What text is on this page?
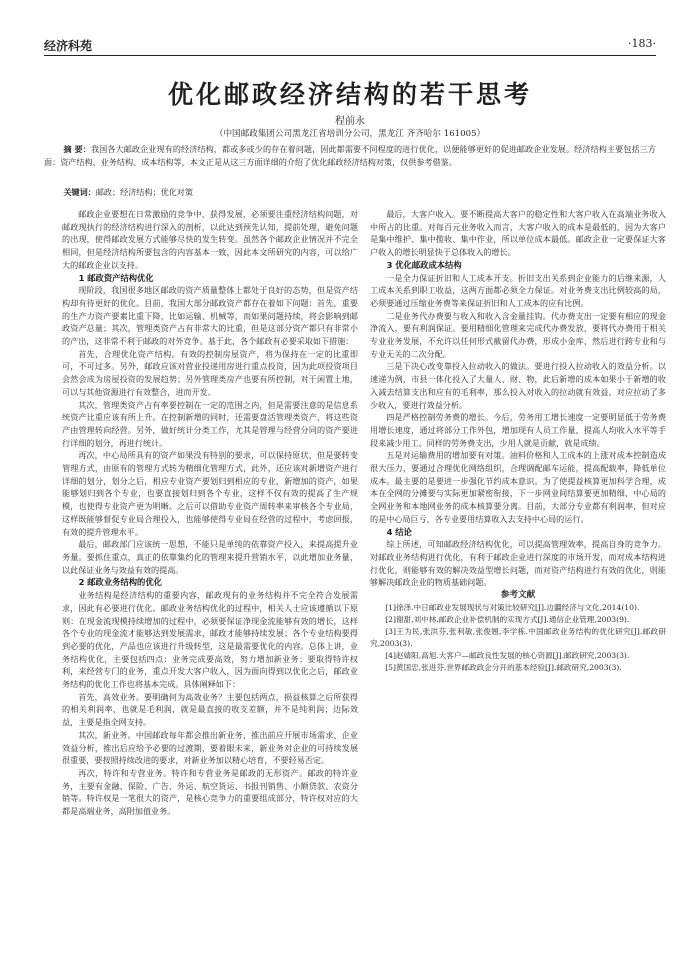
经济科苑	·183·
优化邮政经济结构的若干思考
程前永
（中国邮政集团公司黑龙江省培训分公司，黑龙江 齐齐哈尔 161005）
摘 要：我国各大邮政企业现有的经济结构，都或多或少的存在着问题，因此都需要不同程度的进行优化，以便能够更好的促进邮政企业发展。经济结构主要包括三方面：资产结构、业务结构、成本结构等，本文正是从这三方面详细的介绍了优化邮政经济结构对策，仅供参考借鉴。
关键词：邮政；经济结构；优化对策

邮政企业要想在日常激励的竞争中，获得发展，必须要注重经济结构问题，对邮政现执行的经济结构进行深入的剖析，以此达到预先认知，提前处理，避免问题的出现，使得邮政发展方式能够尽快的发生转变。虽然各个邮政企业情况并不完全相同，但是经济结构所要包含的内容基本一致，因此本文所研究的内容，可以给广大的邮政企业以支持。

1 邮政资产结构优化

现阶段，我国很多地区邮政的资产质量整体上都处于良好的态势，但是资产结构却有待更好的优化。目前，我国大部分邮政资产都存在着如下问题：首先，重要的生产力资产要素比重下降，比如运输、机械等，而如果问题持续，将会影响到邮政资产总量；其次，管理类资产占有非常大的比重，但是这部分资产都只有非常小的产出，这非常不利于邮政的对外竞争。基于此，各个邮政有必要采取如下措施：

首先，合理优化资产结构。有效的控制房屋资产，将为保持在一定的比重即可，不可过多。另外，邮政应该对营业投递用房进行重点投资，因为此项投资项目会然会成为房屋投资的发展趋势；另外管理类房产也要有所控制，对于闲置土地，可以与其他资源进行有效整合，进而开发。

其次，管理类资产占有率要控制在一定的范围之内，但是需要注意的是信息系统资产比重应该有所上升。在控制新增的同时，还需要盘活管理类资产，将这些资产由管理转向经营。另外，做好统计分类工作，尤其是管理与经营分同的资产要进行详细的划分，再进行统计。

再次，中心局所具有的资产如果没有特别的要求，可以保持原状，但是要转变管理方式，由原有的管理方式转为精细化管理方式，此外，还应该对新增资产进行详细的划分，划分之后，相应专业资产要划归到相应的专业，新增加的资产，如果能够划归到各个专业，也要直接划归到各个专业，这样不仅有效的提高了生产规模，也使得专业资产更为明晰。之后可以借助专业资产周转率来审核各个专业局，这样既能够督促专业局合理投入，也能够使得专业局在经营的过程中，考虑回报，有效的提升管理水平。

最后，邮政部门应该统一思想，不能只是单纯的依靠资产投入，来提高提升业务量。要抓住重点，真正的依靠集约化的管理来提升营销水平，以此增加业务量，以此保证业务与效益有效的提高。

2 邮政业务结构的优化

业务结构是经济结构的重要内容，邮政现有的业务结构并不完全符合发展需求，因此有必要进行优化。邮政业务结构优化的过程中，相关人士应该遵循以下原则：在现金流现模持续增加的过程中，必须要保证净现金流能够有效的增长，这样各个专业的现金流才能够达到发展需求，邮政才能够持续发展；各个专业结构要得到必要的优化，产品也应该进行升级转型，这是最需要优化的内容。总体上讲，业务结构优化，主要包括四点：业务完成要高效，努力增加新业务；要取得特许权利，来经营专门的业务，重点开发大客户收入，因为面向得到以优化之后，邮政业务结构的优化工作也将基本完成。具体阐释如下：

首先，高效业务。要明确何为高效业务？主要包括两点，损益核算之后所获得的相关利润率，也就是毛利润，就是最直接的收支差额，并不是纯利润；边际效益，主要是指全网支持。

其次，新业务。中国邮政每年都会推出新业务，推出前应开展市场需求、企业效益分析，推出后应给予必要的过渡期，要着眼未来，新业务对企业的可持续发展很重要，要按照持续改进的要求，对新业务加以精心培育，不要轻易否定。

再次，特许和专营业务。特许和专营业务是邮政的无形资产。邮政的特许业务，主要有金融、保险、广告、外运、航空货运、书报刊销售、小额贷款、农资分销等。特许权是一笔很大的资产，是核心竞争力的重要组成部分，特许权对应的大都是高端业务，高附加值业务。

最后，大客户收入。要不断提高大客户的稳定性和大客户收入在高端业务收入中所占的比重。对每百元业务收入而言，大客户收入的成本是最低的，因为大客户是集中维护、集中揽收、集中作业，所以单位成本最低。邮政企业一定要保证大客户收入的增长明显快于总体收入的增长。

3 优化邮政成本结构

一是全力保证折旧和人工成本开支。折旧支出关系到企业能力的后继来源，人工成本关系到职工收益，这两方面都必须全力保证。对业务费支出比例较高的局，必须要通过压缩业务费等来保证折旧和人工成本的应有比例。

二是业务代办费要与收入和收入含金量挂钩。代办费支出一定要有相应的现金净流入，要有利润保证。要用精细化管理来完成代办费发放，要将代办费用于相关专业业务发展，不允许以任何形式截留代办费，形成小金库，然后进行跨专业和与专业无关的二次分配。

三是下决心改变靠投入拉动收入的做法。要进行投入拉动收入的效益分析。以速递为例，市县一体化投入了大量人、财、物，此后新增的成本如果小于新增的收入减去结算支出和应有的毛利率，那么投入对收入的拉动就有效益。对应拉动了多少收入，要进行效益分析。

四是严格控制劳务费的增长。今后，劳务用工增长速度一定要明显低于劳务费用增长速度，通过将部分工作外包，增加现有人员工作量，提高人均收入水平等手段来减少用工。同样的劳务费支出，少用人就是贡献，就是成绩。

五是对运输费用的增加要有对策。油料价格和人工成本的上涨对成本控制造成很大压力，要通过合理优化网络组织，合理调配邮车运能，提高配载率，降低单位成本。最主要的是要进一步强化节约成本意识。为了使提益核算更加科学合理，成本在全网的分摊要与实际更加紧密衔接，下一步网业间结算要更加精细，中心局的全网业务和本地网业务的成本核算要分离。目前，大部分专业都有利润率，但对应的是中心局巨亏，各专业要用结算收入去支持中心局的运行。

4 结论

综上所述，可知邮政经济结构优化，可以提高管理效率，提高自身的竞争力。对邮政业务结构进行优化，有利于邮政企业进行深度的市场开发，而对成本结构进行优化，则能够有效的解决效益型增长问题，而对资产结构进行有效的优化，则能够解决邮政企业的物质基础问题。

参考文献

[1]徐泽.中日邮政业发展现状与对策比较研究[J].边疆经济与文化,2014(10).

[2]谢甜,刘中林.邮政企业补偿机制的实现方式[J].通信企业管理,2003(9).

[3]王为民,张洪芬,张利敏,张俊翘,李学栋.中国邮政业务结构的优化研究[J].邮政研究,2003(3).

[4]赵婧阳,高旭.大客户—邮政良性发展的核心资源[J].邮政研究,2003(3).

[5]黄国忠,张进芬.世界邮政政企分开的基本经验[J].邮政研究,2003(3).
